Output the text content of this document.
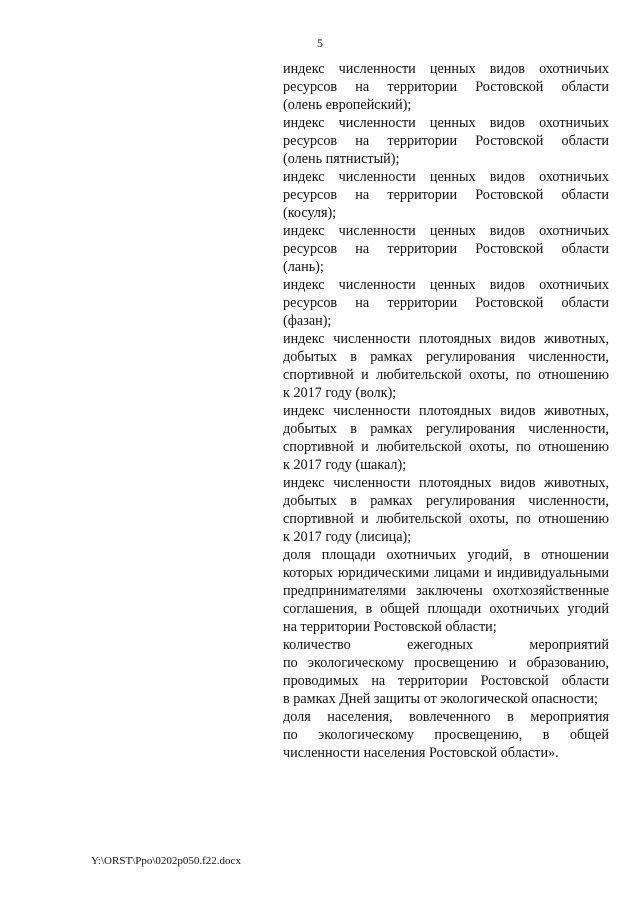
5
индекс численности ценных видов охотничьих
ресурсов на территории Ростовской области
(олень европейский);
индекс численности ценных видов охотничьих
ресурсов на территории Ростовской области
(олень пятнистый);
индекс численности ценных видов охотничьих
ресурсов на территории Ростовской области
(косуля);
индекс численности ценных видов охотничьих
ресурсов на территории Ростовской области
(лань);
индекс численности ценных видов охотничьих
ресурсов на территории Ростовской области
(фазан);
индекс численности плотоядных видов животных,
добытых в рамках регулирования численности,
спортивной и любительской охоты, по отношению
к 2017 году (волк);
индекс численности плотоядных видов животных,
добытых в рамках регулирования численности,
спортивной и любительской охоты, по отношению
к 2017 году (шакал);
индекс численности плотоядных видов животных,
добытых в рамках регулирования численности,
спортивной и любительской охоты, по отношению
к 2017 году (лисица);
доля площади охотничьих угодий, в отношении
которых юридическими лицами и индивидуальными
предпринимателями заключены охотхозяйственные
соглашения, в общей площади охотничьих угодий
на территории Ростовской области;
количество ежегодных мероприятий
по экологическому просвещению и образованию,
проводимых на территории Ростовской области
в рамках Дней защиты от экологической опасности;
доля населения, вовлеченного в мероприятия
по экологическому просвещению, в общей
численности населения Ростовской области».
Y:\ORST\Ppo\0202p050.f22.docx
